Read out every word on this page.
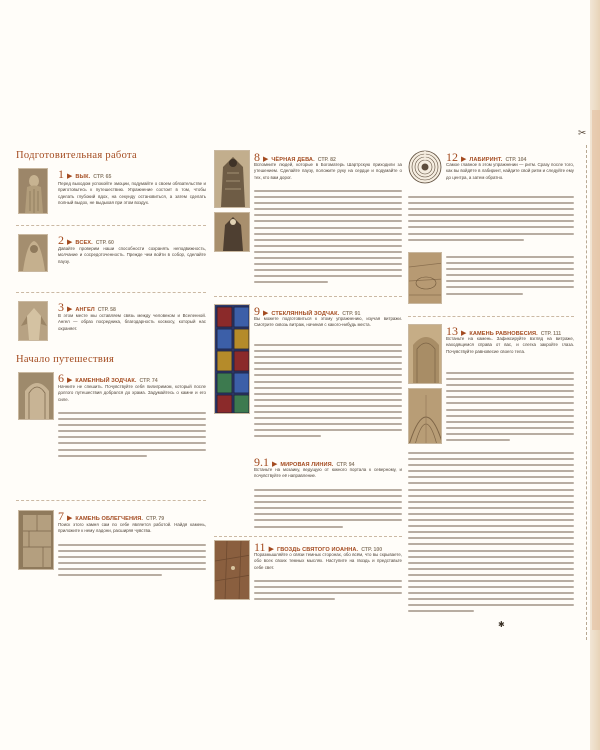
Подготовительная работа
1 ▶ ВЫК. СТР. 65
Перед выходом успокойте эмоции, подумайте о своем обязательстве и приготовьтесь к путешествию. Упражнение состоит в том, чтобы сделать глубокий вдох, на секунду остановиться, а затем сделать полный выдох, не выдыхая при этом воздух.
2 ▶ ВСЕХ. СТР. 60
Давайте проверим наши способности сохранять неподвижность, молчание и сосредоточенность. Прежде чем войти в собор, сделайте паузу.
3 ▶ АНГЕЛ СТР. 58
В этом месте мы оставляем связь между человеком и Вселенной. Ангел — образ посредника, благодарность космосу, который нас охраняет.
Начало путешествия
6 ▶ КАМЕННЫЙ ЗОДЧАК. СТР. 74
Начните не спешить. Почувствуйте себя пилигримом, который после долгого путешествия добрался до храма. Задумайтесь о камне и его силе.
7 ▶ КАМЕНЬ ОБЛЕГЧЕНИЯ. СТР. 79
Поиск этого камня сам по себе является работой. Найдя камень, приложите к нему ладони, расширяя чувства.
8 ▶ ЧЁРНАЯ ДЕВА. СТР. 82
Вспомните людей, которые в Богоматерь Шартрскую приходили за утешением. Сделайте паузу, положите руку на сердце и подумайте о тех, кто вам дорог.
9 ▶ СТЕКЛЯННЫЙ ЗОДЧАК. СТР. 91
Вы можете подготовиться к этому упражнению, изучая витражи. Смотрите сквозь витраж, начиная с какого-нибудь места.
9.1 ▶ МИРОВАЯ ЛИНИЯ. СТР. 94
Встаньте на мозаику, ведущую от южного портала к северному, и почувствуйте её направление.
11 ▶ ГВОЗДЬ СВЯТОГО ИОАННА. СТР. 100
Поразмышляйте о связи темных сторонах, обо всём, что вы скрываете, обо всех своих темных мыслях. Наступите на гвоздь и представьте себе свет.
12 ▶ ЛАБИРИНТ. СТР. 104
Самое главное в этом упражнении — ритм. Сразу после того, как вы войдёте в лабиринт, найдите свой ритм и следуйте ему до центра, а затем обратно.
13 ▶ КАМЕНЬ РАВНОВЕСИЯ. СТР. 111
Встаньте на камень. Зафиксируйте взгляд на витраже, находящемся справа от вас, и слегка закройте глаза. Почувствуйте равновесие своего тела.
✱
✂
